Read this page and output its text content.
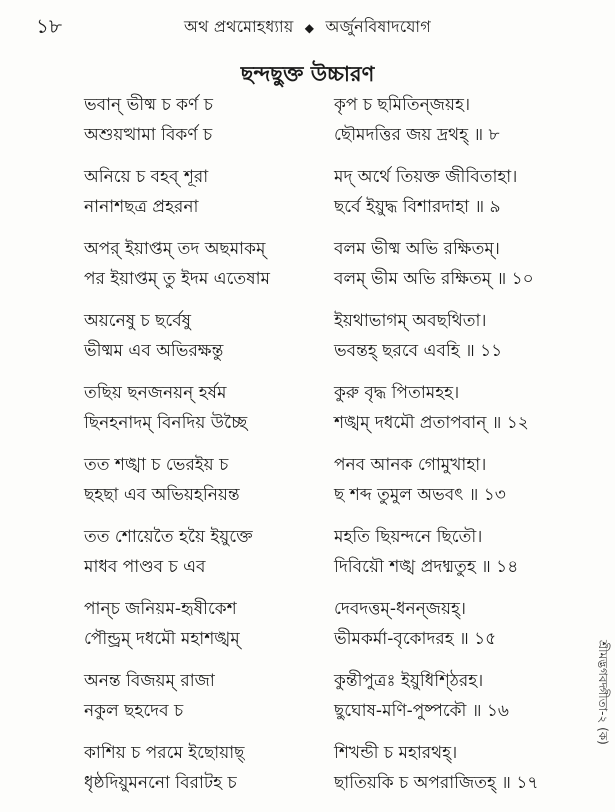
১৮	অথ প্রথমোহধ্যায় ◆ অর্জুনবিষাদযোগ
ছন্দছুক্ত উচ্চারণ
ভবান্ ভীষ্ম চ কর্ণ চ	কৃপ চ ছমিতিন্জয়হ।
অশুয়ত্থামা বিকর্ণ চ	ছৌমদত্তির জয় দ্রথহ্ ॥ ৮
অনিয়ে চ বহব্ শূরা	মদ্ অর্থে তিয়ক্ত জীবিতাহা।
নানাশছত্র প্রহরনা	ছর্বে ইয়ুদ্ধ বিশারদাহা ॥ ৯
অপর্ ইয়াপ্তম্ তদ অছমাকম্	বলম ভীষ্ম অভি রক্ষিতম্।
পর ইয়াপ্তম্ তু ইদম এতেষাম	বলম্ ভীম অভি রক্ষিতম্ ॥ ১০
অয়নেষু চ ছর্বেষু	ইয়থাভাগম্ অবছথিতা।
ভীষ্মম এব অভিরক্ষন্তু	ভবন্তহ্ ছরবে এবহি ॥ ১১
তছিয় ছনজনয়ন্ হর্ষম	কুরু বৃদ্ধ পিতামহহ।
ছিনহনাদম্ বিনদিয় উচ্ছৈ	শঙ্খম্ দধমৌ প্রতাপবান্ ॥ ১২
তত শঙ্খা চ ভেরইয় চ	পনব আনক গোমুখাহা।
ছহছা এব অভিয়হনিয়ন্ত	ছ শব্দ তুমুল অভবৎ ॥ ১৩
তত শোয়েতৈ হয়ৈ ইয়ুক্তে	মহতি ছিয়ন্দনে ছিতৌ।
মাধব পাণ্ডব চ এব	দিবিয়ৌ শঙ্খ প্রদধ্মতুহ ॥ ১৪
পান্চ জনিয়ম-হৃষীকেশ	দেবদত্তম্-ধনন্জয়হ্।
পৌন্ড্রম্ দধমৌ মহাশঙ্খম্	ভীমকর্মা-বৃকোদরহ ॥ ১৫
অনন্ত বিজয়ম্ রাজা	কুন্তীপুত্রঃ ইয়ুধিশ্ঠিরহ।
নকুল ছহদেব চ	ছুঘোষ-মণি-পুষ্পকৌ ॥ ১৬
কাশিয় চ পরমে ইছোয়াছ্	শিখন্ডী চ মহারথহ্।
ধৃষ্ঠদিয়ুমননো বিরাটহ চ	ছাতিয়কি চ অপরাজিতহ্ ॥ ১৭
শ্রীমদ্ভগবদ্গীতা-২ (ক)
